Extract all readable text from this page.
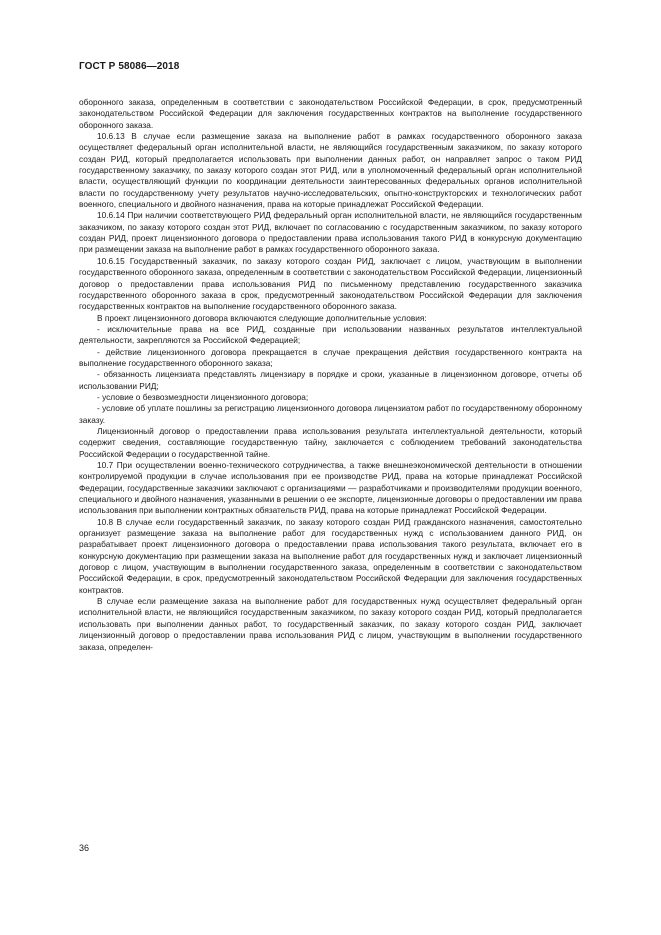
ГОСТ Р 58086—2018

оборонного заказа, определенным в соответствии с законодательством Российской Федерации, в срок, предусмотренный законодательством Российской Федерации для заключения государственных контрактов на выполнение государственного оборонного заказа.

10.6.13 В случае если размещение заказа на выполнение работ в рамках государственного оборонного заказа осуществляет федеральный орган исполнительной власти, не являющийся государственным заказчиком, по заказу которого создан РИД, который предполагается использовать при выполнении данных работ, он направляет запрос о таком РИД государственному заказчику, по заказу которого создан этот РИД, или в уполномоченный федеральный орган исполнительной власти, осуществляющий функции по координации деятельности заинтересованных федеральных органов исполнительной власти по государственному учету результатов научно-исследовательских, опытно-конструкторских и технологических работ военного, специального и двойного назначения, права на которые принадлежат Российской Федерации.

10.6.14 При наличии соответствующего РИД федеральный орган исполнительной власти, не являющийся государственным заказчиком, по заказу которого создан этот РИД, включает по согласованию с государственным заказчиком, по заказу которого создан РИД, проект лицензионного договора о предоставлении права использования такого РИД в конкурсную документацию при размещении заказа на выполнение работ в рамках государственного оборонного заказа.

10.6.15 Государственный заказчик, по заказу которого создан РИД, заключает с лицом, участвующим в выполнении государственного оборонного заказа, определенным в соответствии с законодательством Российской Федерации, лицензионный договор о предоставлении права использования РИД по письменному представлению государственного заказчика государственного оборонного заказа в срок, предусмотренный законодательством Российской Федерации для заключения государственных контрактов на выполнение государственного оборонного заказа.

В проект лицензионного договора включаются следующие дополнительные условия:

- исключительные права на все РИД, созданные при использовании названных результатов интеллектуальной деятельности, закрепляются за Российской Федерацией;

- действие лицензионного договора прекращается в случае прекращения действия государственного контракта на выполнение государственного оборонного заказа;

- обязанность лицензиата представлять лицензиару в порядке и сроки, указанные в лицензионном договоре, отчеты об использовании РИД;

- условие о безвозмездности лицензионного договора;

- условие об уплате пошлины за регистрацию лицензионного договора лицензиатом работ по государственному оборонному заказу.

Лицензионный договор о предоставлении права использования результата интеллектуальной деятельности, который содержит сведения, составляющие государственную тайну, заключается с соблюдением требований законодательства Российской Федерации о государственной тайне.

10.7 При осуществлении военно-технического сотрудничества, а также внешнеэкономической деятельности в отношении контролируемой продукции в случае использования при ее производстве РИД, права на которые принадлежат Российской Федерации, государственные заказчики заключают с организациями — разработчиками и производителями продукции военного, специального и двойного назначения, указанными в решении о ее экспорте, лицензионные договоры о предоставлении им права использования при выполнении контрактных обязательств РИД, права на которые принадлежат Российской Федерации.

10.8 В случае если государственный заказчик, по заказу которого создан РИД гражданского назначения, самостоятельно организует размещение заказа на выполнение работ для государственных нужд с использованием данного РИД, он разрабатывает проект лицензионного договора о предоставлении права использования такого результата, включает его в конкурсную документацию при размещении заказа на выполнение работ для государственных нужд и заключает лицензионный договор с лицом, участвующим в выполнении государственного заказа, определенным в соответствии с законодательством Российской Федерации, в срок, предусмотренный законодательством Российской Федерации для заключения государственных контрактов.

В случае если размещение заказа на выполнение работ для государственных нужд осуществляет федеральный орган исполнительной власти, не являющийся государственным заказчиком, по заказу которого создан РИД, который предполагается использовать при выполнении данных работ, то государственный заказчик, по заказу которого создан РИД, заключает лицензионный договор о предоставлении права использования РИД с лицом, участвующим в выполнении государственного заказа, определен-

36
